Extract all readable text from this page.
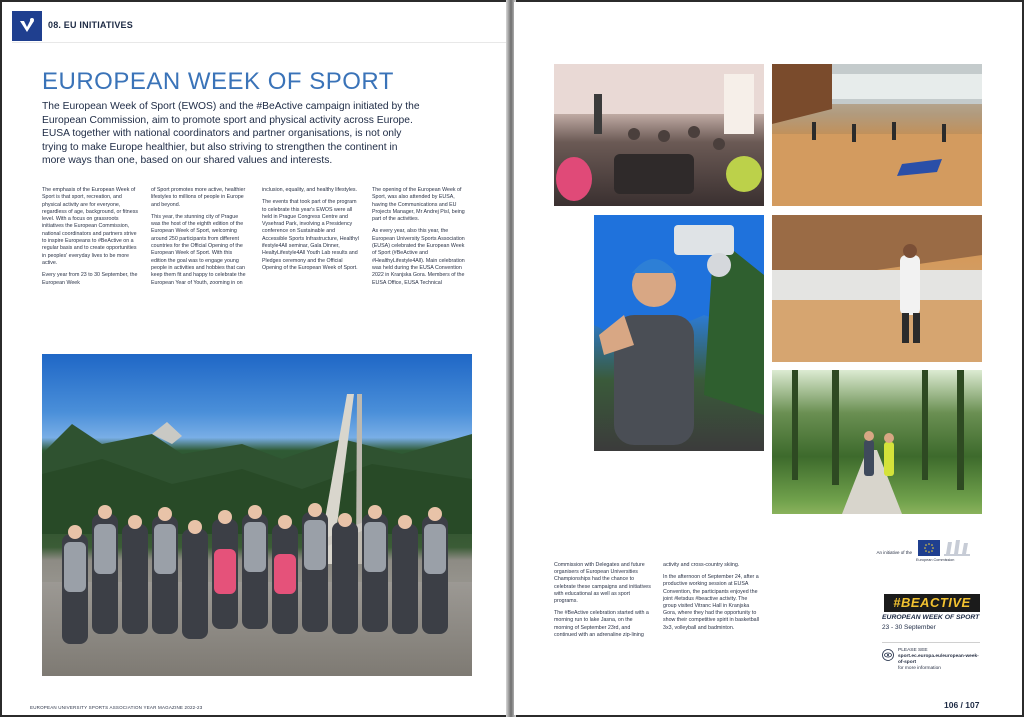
08. EU INITIATIVES
EUROPEAN WEEK OF SPORT
The European Week of Sport (EWOS) and the #BeActive campaign initiated by the European Commission, aim to promote sport and physical activity across Europe. EUSA together with national coordinators and partner organisations, is not only trying to make Europe healthier, but also striving to strengthen the continent in more ways than one, based on our shared values and interests.

The emphasis of the European Week of Sport is that sport, recreation, and physical activity are for everyone, regardless of age, background, or fitness level. With a focus on grassroots initiatives the European Commission, national coordinators and partners strive to inspire Europeans to #BeActive on a regular basis and to create opportunities in peoples' everyday lives to be more active.

Every year from 23 to 30 September, the European Week

of Sport promotes more active, healthier lifestyles to millions of people in Europe and beyond.

This year, the stunning city of Prague was the host of the eighth edition of the European Week of Sport, welcoming around 250 participants from different countries for the Official Opening of the European Week of Sport. With this edition the goal was to engage young people in activities and hobbies that can keep them fit and happy to celebrate the European Year of Youth, zooming in on

inclusion, equality, and healthy lifestyles.

The events that took part of the program to celebrate this year's EWOS were all held in Prague Congress Centre and Vysehrad Park, involving a Presidency conference on Sustainable and Accessible Sports Infrastructure, Healthyl ifestyle4All seminar, Gala Dinner, HealtyLifestyle4All Youth Lab results and Pledges ceremony and the Official Opening of the European Week of Sport.

The opening of the European Week of Sport, was also attended by EUSA, having the Communications and EU Projects Manager, Mr Andrej Pisl, being part of the activities.

As every year, also this year, the European University Sports Association (EUSA) celebrated the European Week of Sport (#BeActive and #HealthyLifestyle4All). Main celebration was held during the EUSA Convention 2022 in Kranjska Gora. Members of the EUSA Office, EUSA Technical

EUROPEAN UNIVERSITY SPORTS ASSOCIATION YEAR MAGAZINE 2022-23

Commission with Delegates and future organisers of European Universities Championships had the chance to celebrate these campaigns and initiatives with educational as well as sport programs.

The #BeActive celebration started with a morning run to lake Jasna, on the morning of September 23rd, and continued with an adrenaline zip-lining

activity and cross-country skiing.

In the afternoon of September 24, after a productive working session at EUSA Convention, the participants enjoyed the joint #letsdus #beactive activity. The group visited Vitranc Hall in Kranjska Gora, where they had the opportunity to show their competitive spirit in basketball 3x3, volleyball and badminton.

An initiative of the
European Commission
#BEACTIVE
EUROPEAN WEEK OF SPORT
23 - 30 September
PLEASE SEE
sport.ec.europa.eu/european-week-of-sport
for more information
106 / 107
